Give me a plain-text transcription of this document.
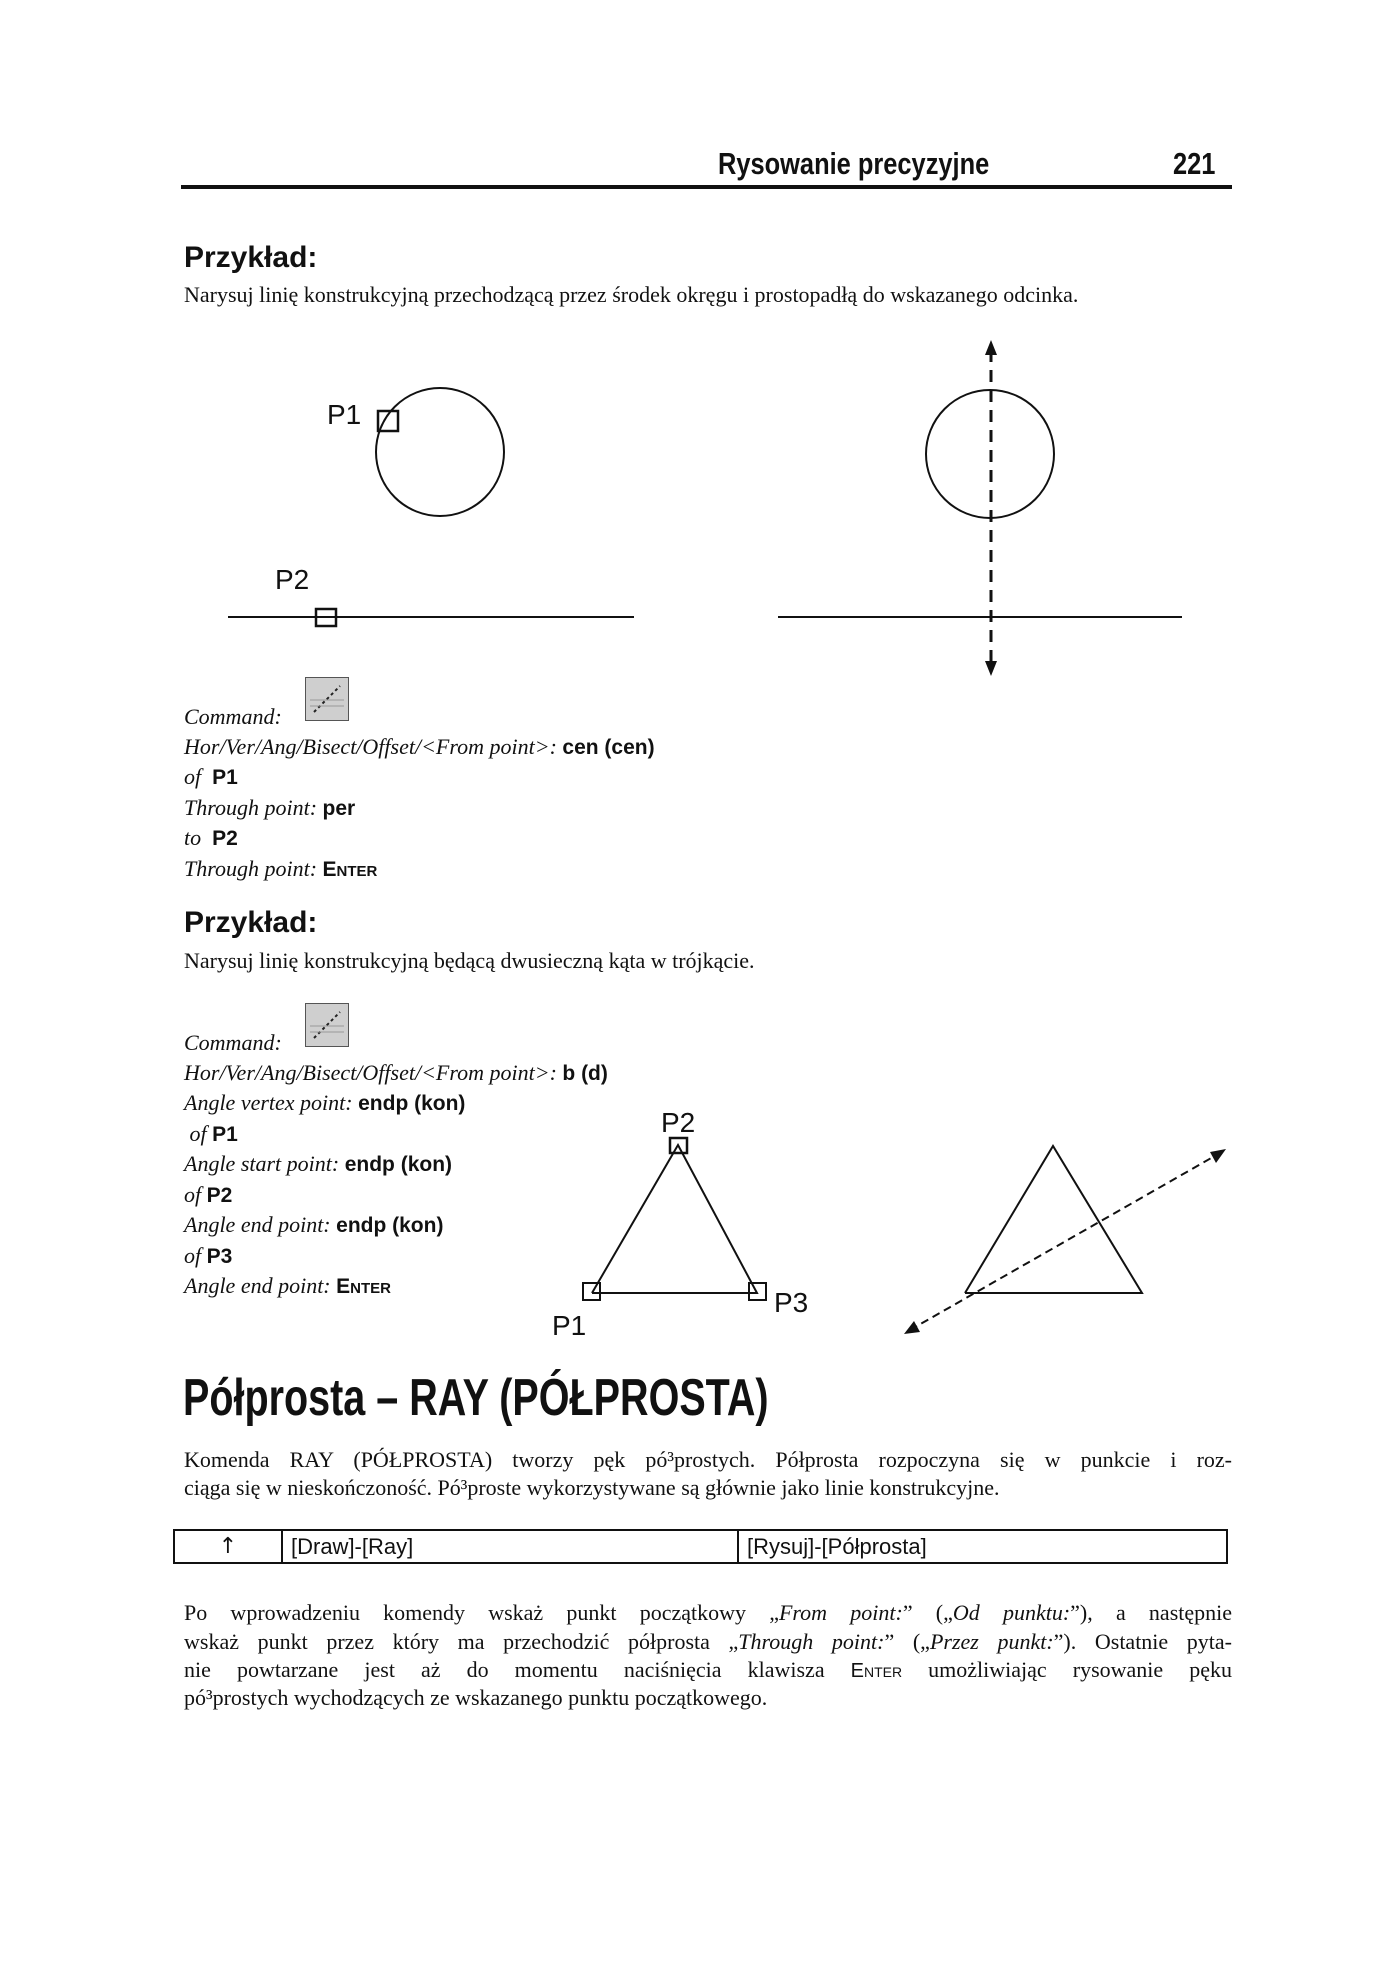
Rysowanie precyzyjne	221
Przykład:
Narysuj linię konstrukcyjną przechodzącą przez środek okręgu i prostopadłą do wskazanego odcinka.
P1
P2
Command:
Hor/Ver/Ang/Bisect/Offset/<From point>: cen (cen)
of P1
Through point: per
to P2
Through point: Enter
Przykład:
Narysuj linię konstrukcyjną będącą dwusieczną kąta w trójkącie.
Command:
Hor/Ver/Ang/Bisect/Offset/<From point>: b (d)
Angle vertex point: endp (kon)
of P1
Angle start point: endp (kon)
of P2
Angle end point: endp (kon)
of P3
Angle end point: Enter
P2
P1
P3
Półprosta – RAY (PÓŁPROSTA)
Komenda RAY (PÓŁPROSTA) tworzy pęk pó³prostych. Półprosta rozpoczyna się w punkcie i roz-
ciąga się w nieskończoność. Pó³proste wykorzystywane są głównie jako linie konstrukcyjne.
↑	[Draw]-[Ray]	[Rysuj]-[Półprosta]
Po wprowadzeniu komendy wskaż punkt początkowy „From point:” („Od punktu:”), a następnie
wskaż punkt przez który ma przechodzić półprosta „Through point:” („Przez punkt:”). Ostatnie pyta-
nie powtarzane jest aż do momentu naciśnięcia klawisza Enter umożliwiając rysowanie pęku
pó³prostych wychodzących ze wskazanego punktu początkowego.
